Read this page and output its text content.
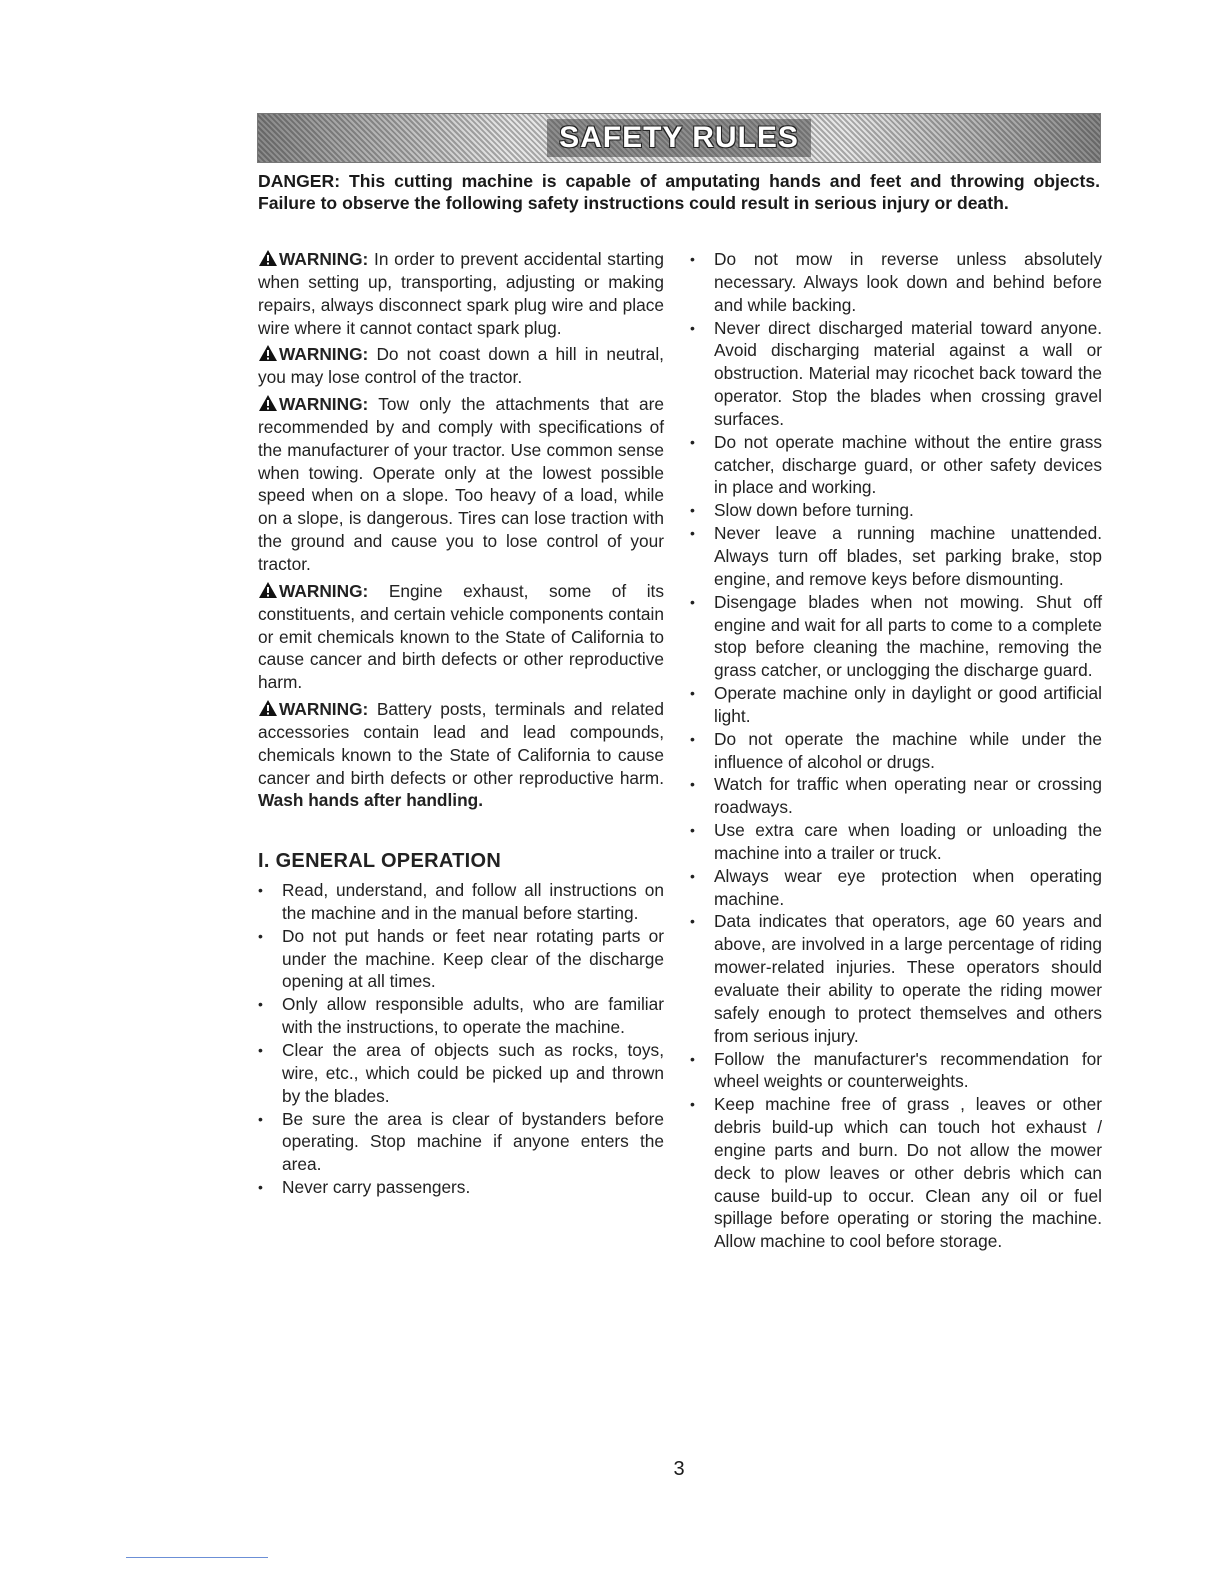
SAFETY RULES

DANGER: This cutting machine is capable of amputating hands and feet and throwing objects. Failure to observe the following safety instructions could result in serious injury or death.

WARNING: In order to prevent accidental starting when setting up, transporting, adjusting or making repairs, always disconnect spark plug wire and place wire where it cannot contact spark plug.

WARNING: Do not coast down a hill in neutral, you may lose control of the tractor.

WARNING: Tow only the attachments that are recommended by and comply with specifications of the manufacturer of your tractor. Use common sense when towing. Operate only at the lowest possible speed when on a slope. Too heavy of a load, while on a slope, is dangerous. Tires can lose traction with the ground and cause you to lose control of your tractor.

WARNING: Engine exhaust, some of its constituents, and certain vehicle components contain or emit chemicals known to the State of California to cause cancer and birth defects or other reproductive harm.

WARNING: Battery posts, terminals and related accessories contain lead and lead compounds, chemicals known to the State of California to cause cancer and birth defects or other reproductive harm. Wash hands after handling.

I. GENERAL OPERATION
• Read, understand, and follow all instructions on the machine and in the manual before starting.
• Do not put hands or feet near rotating parts or under the machine. Keep clear of the discharge opening at all times.
• Only allow responsible adults, who are familiar with the instructions, to operate the machine.
• Clear the area of objects such as rocks, toys, wire, etc., which could be picked up and thrown by the blades.
• Be sure the area is clear of bystanders before operating. Stop machine if anyone enters the area.
• Never carry passengers.
• Do not mow in reverse unless absolutely necessary. Always look down and behind before and while backing.
• Never direct discharged material toward anyone. Avoid discharging material against a wall or obstruction. Material may ricochet back toward the operator. Stop the blades when crossing gravel surfaces.
• Do not operate machine without the entire grass catcher, discharge guard, or other safety devices in place and working.
• Slow down before turning.
• Never leave a running machine unattended. Always turn off blades, set parking brake, stop engine, and remove keys before dismounting.
• Disengage blades when not mowing. Shut off engine and wait for all parts to come to a complete stop before cleaning the machine, removing the grass catcher, or unclogging the discharge guard.
• Operate machine only in daylight or good artificial light.
• Do not operate the machine while under the influence of alcohol or drugs.
• Watch for traffic when operating near or crossing roadways.
• Use extra care when loading or unloading the machine into a trailer or truck.
• Always wear eye protection when operating machine.
• Data indicates that operators, age 60 years and above, are involved in a large percentage of riding mower-related injuries. These operators should evaluate their ability to operate the riding mower safely enough to protect themselves and others from serious injury.
• Follow the manufacturer's recommendation for wheel weights or counterweights.
• Keep machine free of grass , leaves or other debris build-up which can touch hot exhaust / engine parts and burn. Do not allow the mower deck to plow leaves or other debris which can cause build-up to occur. Clean any oil or fuel spillage before operating or storing the machine. Allow machine to cool before storage.
3
